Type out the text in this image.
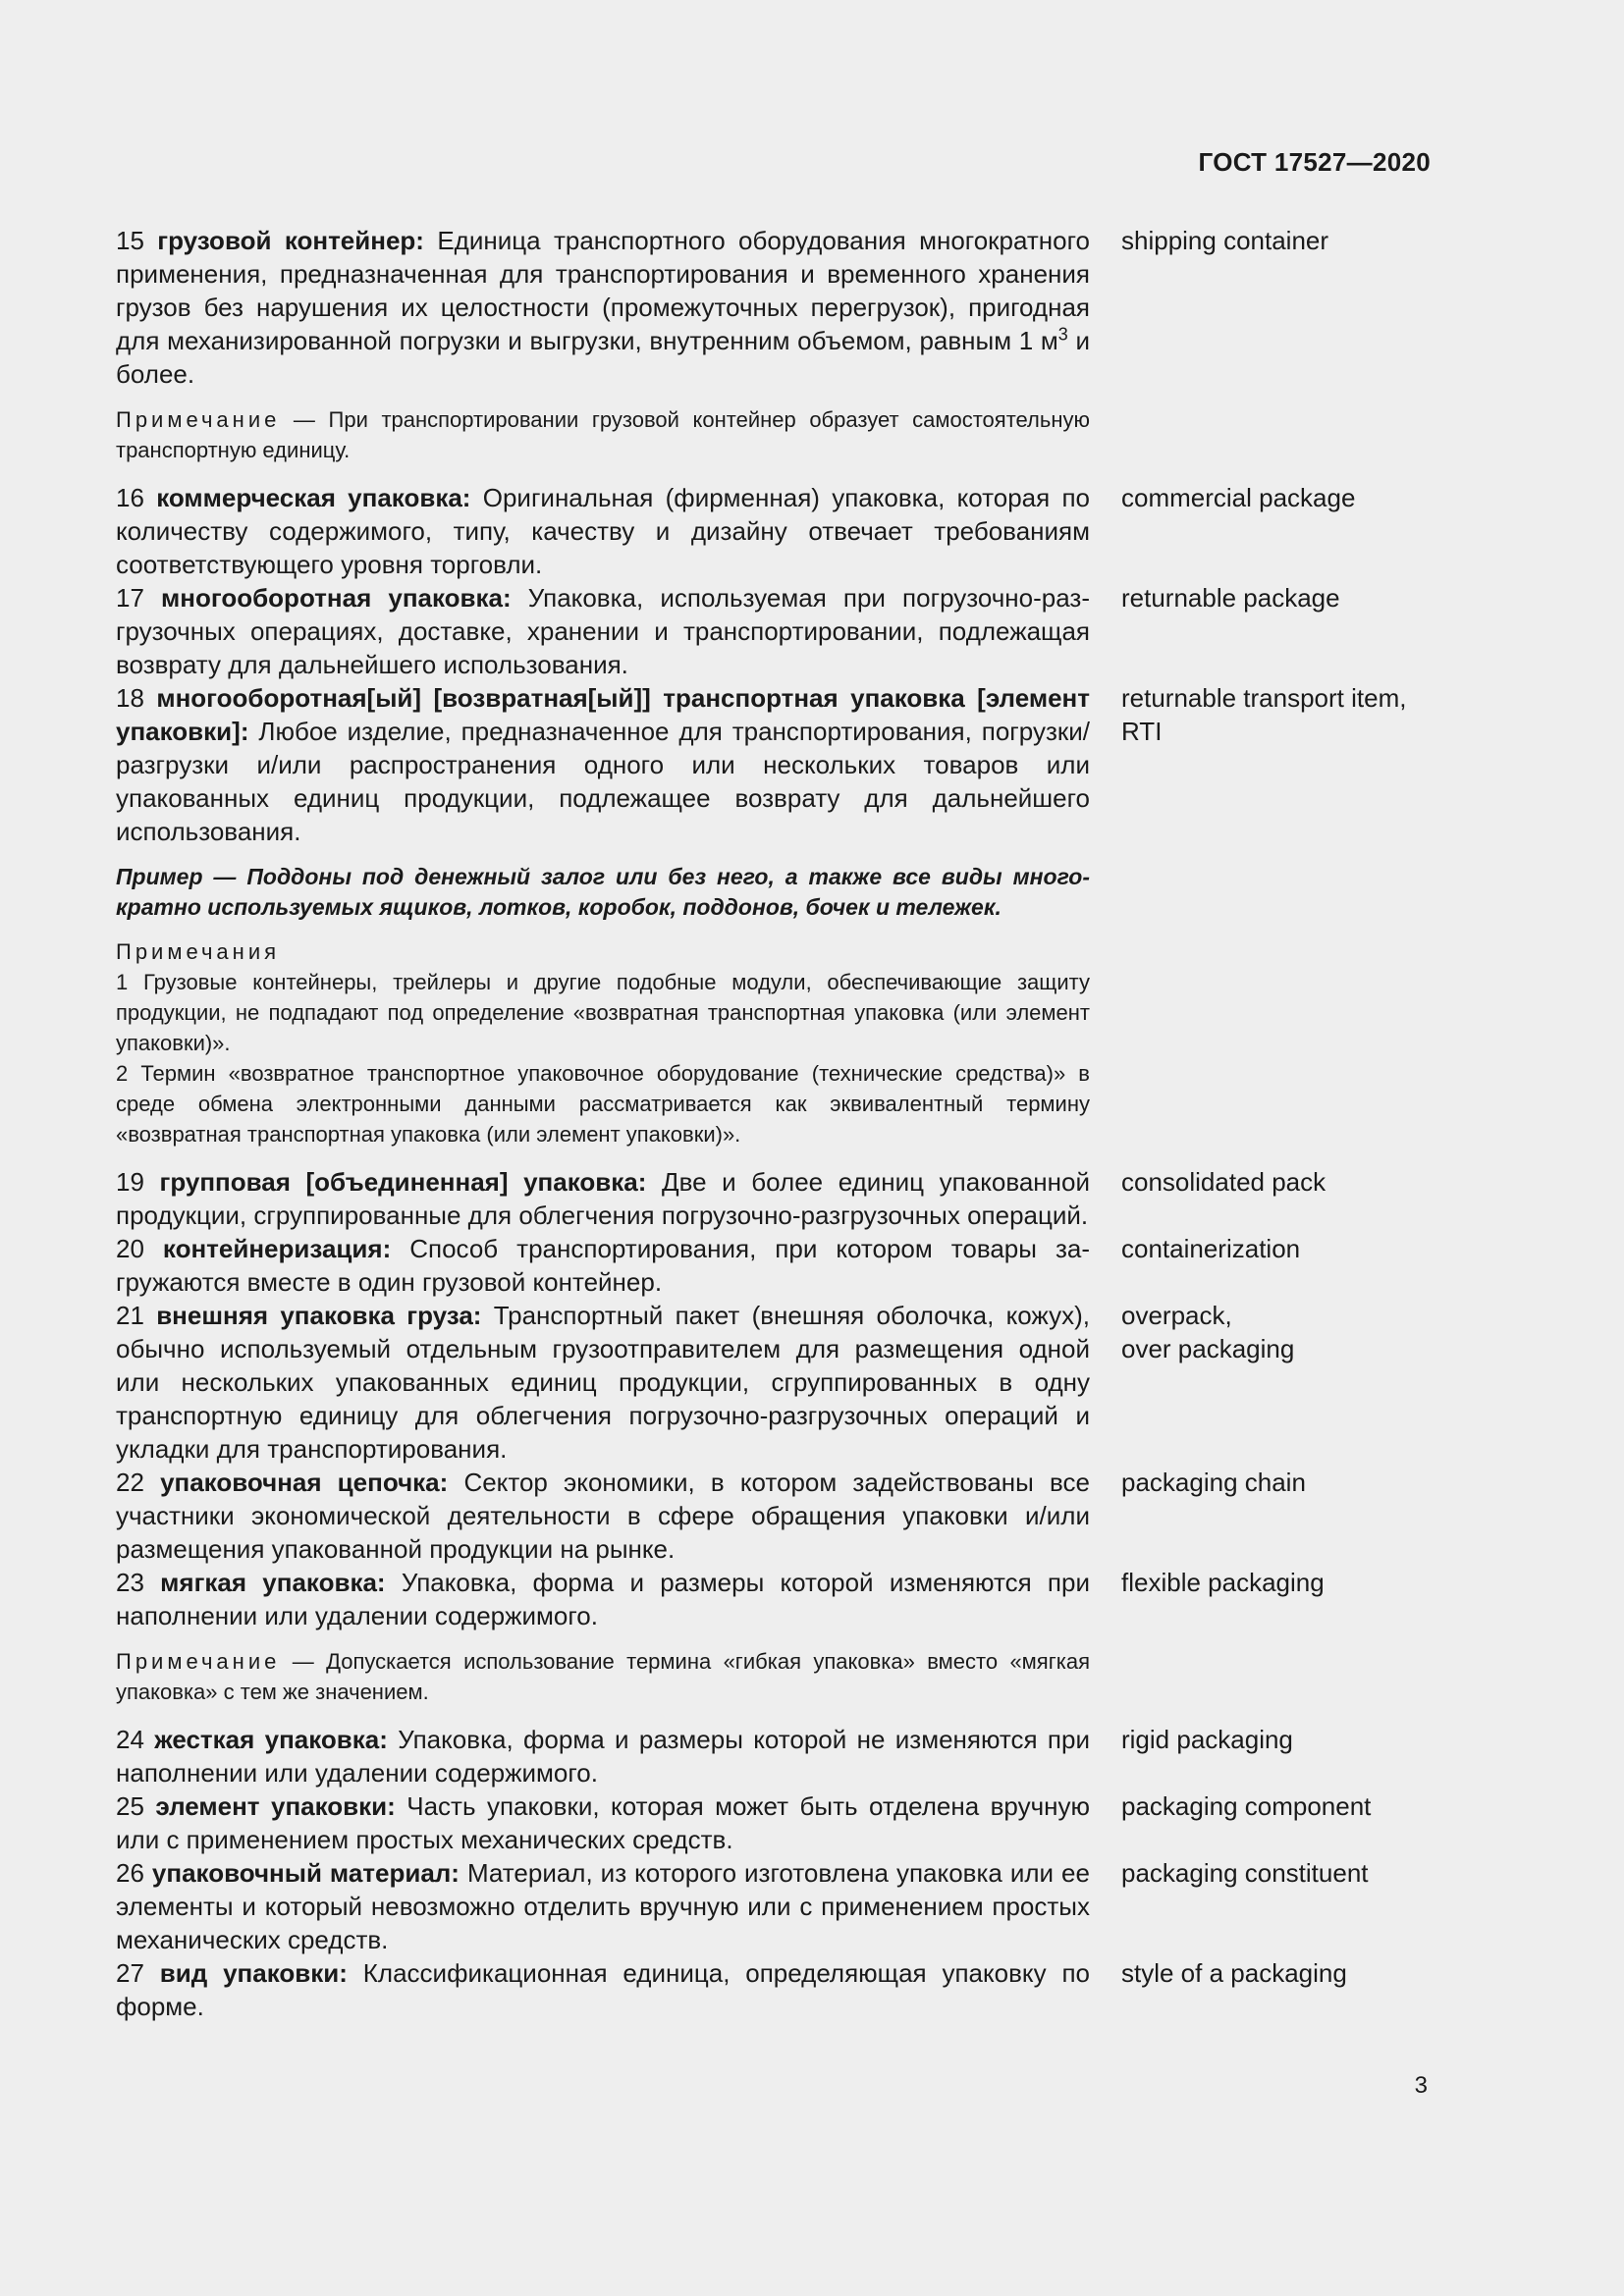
ГОСТ 17527—2020
15 грузовой контейнер: Единица транспортного оборудования многократного применения, предназначенная для транспортирования и временного хранения грузов без нарушения их целостности (промежуточных перегрузок), пригодная для механизированной погрузки и выгрузки, внутренним объемом, равным 1 $м^3$ и более.
shipping container
Примечание — При транспортировании грузовой контейнер образует самостоятельную транспортную единицу.
16 коммерческая упаковка: Оригинальная (фирменная) упаковка, которая по количеству содержимого, типу, качеству и дизайну отвечает требованиям соответствующего уровня торговли.
commercial package
17 многооборотная упаковка: Упаковка, используемая при погрузочно-разгрузочных операциях, доставке, хранении и транспортировании, подлежащая возврату для дальнейшего использования.
returnable package
18 многооборотная[ый] [возвратная[ый]] транспортная упаковка [элемент упаковки]: Любое изделие, предназначенное для транспортирования, погрузки/разгрузки и/или распространения одного или нескольких товаров или упакованных единиц продукции, подлежащее возврату для дальнейшего использования.
returnable transport item,
RTI
Пример — Поддоны под денежный залог или без него, а также все виды многократно используемых ящиков, лотков, коробок, поддонов, бочек и тележек.
Примечания
1 Грузовые контейнеры, трейлеры и другие подобные модули, обеспечивающие защиту продукции, не подпадают под определение «возвратная транспортная упаковка (или элемент упаковки)».
2 Термин «возвратное транспортное упаковочное оборудование (технические средства)» в среде обмена электронными данными рассматривается как эквивалентный термину «возвратная транспортная упаковка (или элемент упаковки)».
19 групповая [объединенная] упаковка: Две и более единиц упакованной продукции, сгруппированные для облегчения погрузочно-разгрузочных операций.
consolidated pack
20 контейнеризация: Способ транспортирования, при котором товары загружаются вместе в один грузовой контейнер.
containerization
21 внешняя упаковка груза: Транспортный пакет (внешняя оболочка, кожух), обычно используемый отдельным грузоотправителем для размещения одной или нескольких упакованных единиц продукции, сгруппированных в одну транспортную единицу для облегчения погрузочно-разгрузочных операций и укладки для транспортирования.
overpack,
over packaging
22 упаковочная цепочка: Сектор экономики, в котором задействованы все участники экономической деятельности в сфере обращения упаковки и/или размещения упакованной продукции на рынке.
packaging chain
23 мягкая упаковка: Упаковка, форма и размеры которой изменяются при наполнении или удалении содержимого.
flexible packaging
Примечание — Допускается использование термина «гибкая упаковка» вместо «мягкая упаковка» с тем же значением.
24 жесткая упаковка: Упаковка, форма и размеры которой не изменяются при наполнении или удалении содержимого.
rigid packaging
25 элемент упаковки: Часть упаковки, которая может быть отделена вручную или с применением простых механических средств.
packaging component
26 упаковочный материал: Материал, из которого изготовлена упаковка или ее элементы и который невозможно отделить вручную или с применением простых механических средств.
packaging constituent
27 вид упаковки: Классификационная единица, определяющая упаковку по форме.
style of a packaging
3
